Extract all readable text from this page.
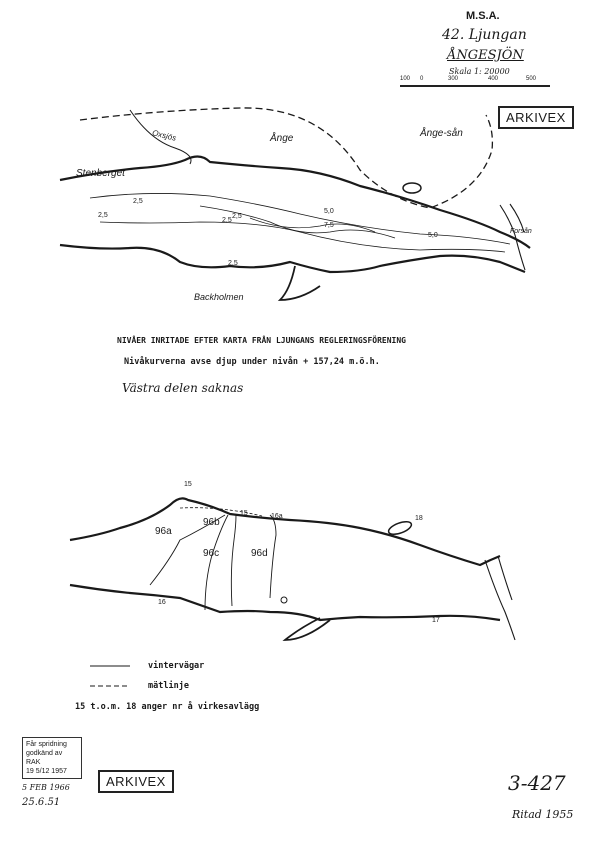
M.S.A.
42. Ljungan
ÅNGESJÖN
Skala 1: 20000
100 0	300	400	500
ARKIVEX
Oxsjös	Ånge	Ånge-sån
Stenberget
Forsån
Backholmen
2,5
2,5	2,5
5,0
7,5
2,5
5,0
2,5
NIVÅER INRITADE EFTER KARTA FRÅN LJUNGANS REGLERINGSFÖRENING
Nivåkurverna avse djup under nivån + 157,24 m.ö.h.
Västra delen saknas
15
96a
96b
16a
96c	96d
16
17
18
15
vintervägar
mätlinje
15 t.o.m. 18 anger nr å virkesavlägg
Får spridning
godkänd av RAK
19 5/12 1957
5 FEB 1966
25.6.51
ARKIVEX	3-427
Ritad 1955
